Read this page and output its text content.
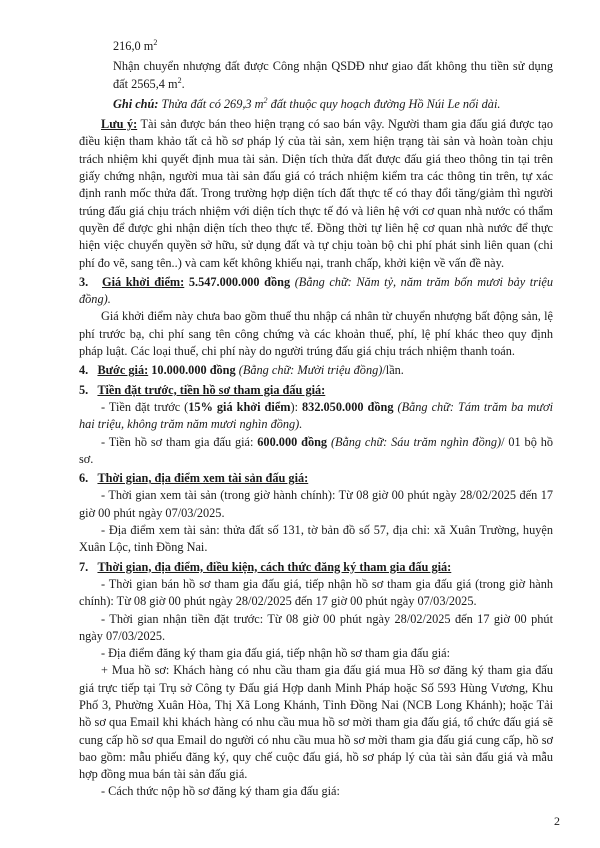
216,0 $m^2$

Nhận chuyển nhượng đất được Công nhận QSDĐ như giao đất không thu tiền sử dụng đất 2565,4 $m^2$.

Ghi chú: Thửa đất có 269,3 $m^2$ đất thuộc quy hoạch đường Hồ Núi Le nối dài.

Lưu ý: Tài sản được bán theo hiện trạng có sao bán vậy. Người tham gia đấu giá được tạo điều kiện tham khảo tất cả hồ sơ pháp lý của tài sản, xem hiện trạng tài sản và hoàn toàn chịu trách nhiệm khi quyết định mua tài sản. Diện tích thửa đất được đấu giá theo thông tin tại trên giấy chứng nhận, người mua tài sản đấu giá có trách nhiệm kiểm tra các thông tin trên, tự xác định ranh mốc thửa đất. Trong trường hợp diện tích đất thực tế có thay đổi tăng/giảm thì người trúng đấu giá chịu trách nhiệm với diện tích thực tế đó và liên hệ với cơ quan nhà nước có thẩm quyền để được ghi nhận diện tích theo thực tế. Đồng thời tự liên hệ cơ quan nhà nước để thực hiện việc chuyển quyền sở hữu, sử dụng đất và tự chịu toàn bộ chi phí phát sinh liên quan (chi phí đo vẽ, sang tên..) và cam kết không khiếu nại, tranh chấp, khởi kiện về vấn đề này.

3. Giá khởi điểm: 5.547.000.000 đồng (Bằng chữ: Năm tỷ, năm trăm bốn mươi bảy triệu đồng).

Giá khởi điểm này chưa bao gồm thuế thu nhập cá nhân từ chuyển nhượng bất động sản, lệ phí trước bạ, chi phí sang tên công chứng và các khoản thuế, phí, lệ phí khác theo quy định pháp luật. Các loại thuế, chi phí này do người trúng đấu giá chịu trách nhiệm thanh toán.

4. Bước giá: 10.000.000 đồng (Bằng chữ: Mười triệu đồng)/lần.

5. Tiền đặt trước, tiền hồ sơ tham gia đấu giá:

- Tiền đặt trước (15% giá khởi điểm): 832.050.000 đồng (Bằng chữ: Tám trăm ba mươi hai triệu, không trăm năm mươi nghìn đồng).

- Tiền hồ sơ tham gia đấu giá: 600.000 đồng (Bằng chữ: Sáu trăm nghìn đồng)/ 01 bộ hồ sơ.

6. Thời gian, địa điểm xem tài sản đấu giá:

- Thời gian xem tài sản (trong giờ hành chính): Từ 08 giờ 00 phút ngày 28/02/2025 đến 17 giờ 00 phút ngày 07/03/2025.

- Địa điểm xem tài sản: thửa đất số 131, tờ bản đồ số 57, địa chỉ: xã Xuân Trường, huyện Xuân Lộc, tỉnh Đồng Nai.

7. Thời gian, địa điểm, điều kiện, cách thức đăng ký tham gia đấu giá:

- Thời gian bán hồ sơ tham gia đấu giá, tiếp nhận hồ sơ tham gia đấu giá (trong giờ hành chính): Từ 08 giờ 00 phút ngày 28/02/2025 đến 17 giờ 00 phút ngày 07/03/2025.

- Thời gian nhận tiền đặt trước: Từ 08 giờ 00 phút ngày 28/02/2025 đến 17 giờ 00 phút ngày 07/03/2025.

- Địa điểm đăng ký tham gia đấu giá, tiếp nhận hồ sơ tham gia đấu giá:

+ Mua hồ sơ: Khách hàng có nhu cầu tham gia đấu giá mua Hồ sơ đăng ký tham gia đấu giá trực tiếp tại Trụ sở Công ty Đấu giá Hợp danh Minh Pháp hoặc Số 593 Hùng Vương, Khu Phố 3, Phường Xuân Hòa, Thị Xã Long Khánh, Tỉnh Đồng Nai (NCB Long Khánh); hoặc Tải hồ sơ qua Email khi khách hàng có nhu cầu mua hồ sơ mời tham gia đấu giá, tổ chức đấu giá sẽ cung cấp hồ sơ qua Email do người có nhu cầu mua hồ sơ mời tham gia đấu giá cung cấp, hồ sơ bao gồm: mẫu phiếu đăng ký, quy chế cuộc đấu giá, hồ sơ pháp lý của tài sản đấu giá và mẫu hợp đồng mua bán tài sản đấu giá.

- Cách thức nộp hồ sơ đăng ký tham gia đấu giá:

2
